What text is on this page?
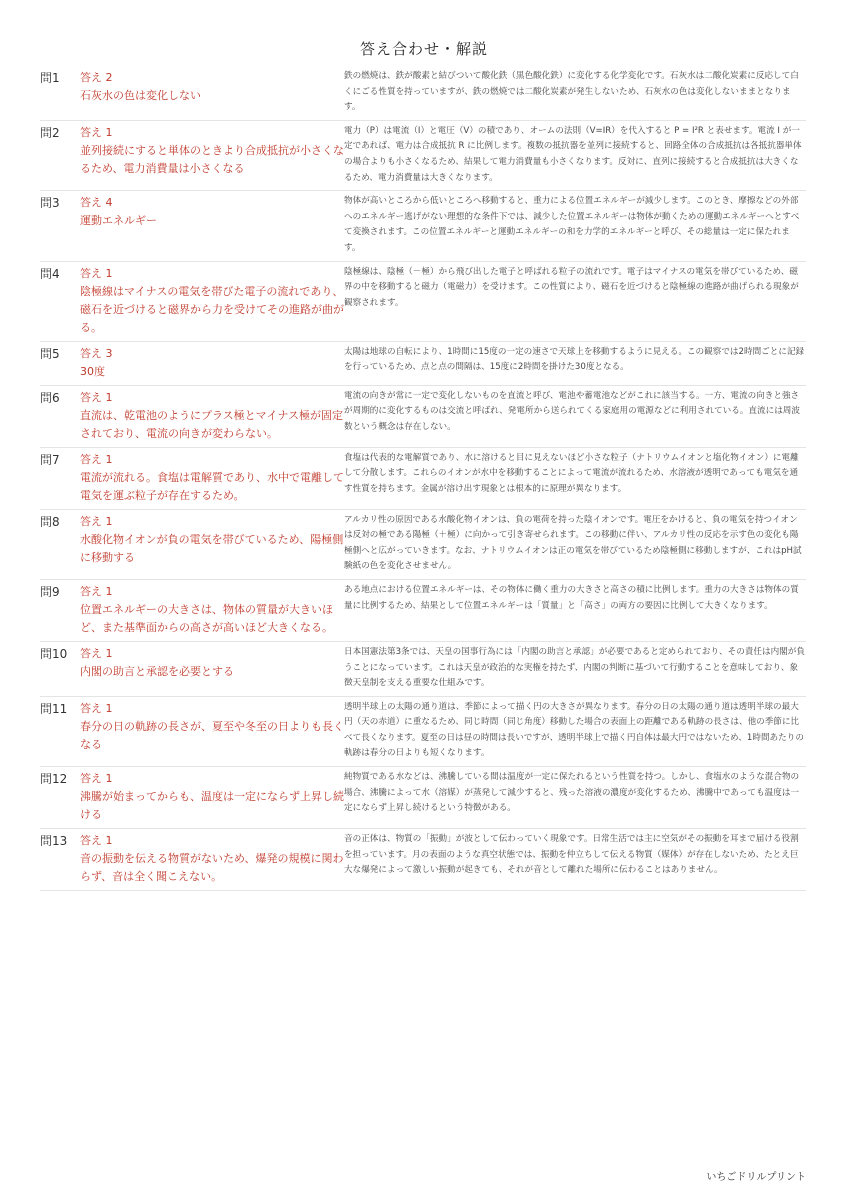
答え合わせ・解説
問1	答え 2
石灰水の色は変化しない	鉄の燃焼は、鉄が酸素と結びついて酸化鉄（黒色酸化鉄）に変化する化学変化です。石灰水は二酸化炭素に反応して白くにごる性質を持っていますが、鉄の燃焼では二酸化炭素が発生しないため、石灰水の色は変化しないままとなります。
問2	答え 1
並列接続にすると単体のときより合成抵抗が小さくなるため、電力消費量は小さくなる	電力（P）は電流（I）と電圧（V）の積であり、オームの法則（V=IR）を代入すると P = I²R と表せます。電流 I が一定であれば、電力は合成抵抗 R に比例します。複数の抵抗器を並列に接続すると、回路全体の合成抵抗は各抵抗器単体の場合よりも小さくなるため、結果して電力消費量も小さくなります。反対に、直列に接続すると合成抵抗は大きくなるため、電力消費量は大きくなります。
問3	答え 4
運動エネルギー	物体が高いところから低いところへ移動すると、重力による位置エネルギーが減少します。このとき、摩擦などの外部へのエネルギー逃げがない理想的な条件下では、減少した位置エネルギーは物体が動くための運動エネルギーへとすべて変換されます。この位置エネルギーと運動エネルギーの和を力学的エネルギーと呼び、その総量は一定に保たれます。
問4	答え 1
陰極線はマイナスの電気を帯びた電子の流れであり、磁石を近づけると磁界から力を受けてその進路が曲がる。	陰極線は、陰極（－極）から飛び出した電子と呼ばれる粒子の流れです。電子はマイナスの電気を帯びているため、磁界の中を移動すると磁力（電磁力）を受けます。この性質により、磁石を近づけると陰極線の進路が曲げられる現象が観察されます。
問5	答え 3
30度	太陽は地球の自転により、1時間に15度の一定の速さで天球上を移動するように見える。この観察では2時間ごとに記録を行っているため、点と点の間隔は、15度に2時間を掛けた30度となる。
問6	答え 1
直流は、乾電池のようにプラス極とマイナス極が固定されており、電流の向きが変わらない。	電流の向きが常に一定で変化しないものを直流と呼び、電池や蓄電池などがこれに該当する。一方、電流の向きと強さが周期的に変化するものは交流と呼ばれ、発電所から送られてくる家庭用の電源などに利用されている。直流には周波数という概念は存在しない。
問7	答え 1
電流が流れる。食塩は電解質であり、水中で電離して電気を運ぶ粒子が存在するため。	食塩は代表的な電解質であり、水に溶けると目に見えないほど小さな粒子（ナトリウムイオンと塩化物イオン）に電離して分散します。これらのイオンが水中を移動することによって電流が流れるため、水溶液が透明であっても電気を通す性質を持ちます。金属が溶け出す現象とは根本的に原理が異なります。
問8	答え 1
水酸化物イオンが負の電気を帯びているため、陽極側に移動する	アルカリ性の原因である水酸化物イオンは、負の電荷を持った陰イオンです。電圧をかけると、負の電気を持つイオンは反対の極である陽極（＋極）に向かって引き寄せられます。この移動に伴い、アルカリ性の反応を示す色の変化も陽極側へと広がっていきます。なお、ナトリウムイオンは正の電気を帯びているため陰極側に移動しますが、これはpH試験紙の色を変化させません。
問9	答え 1
位置エネルギーの大きさは、物体の質量が大きいほど、また基準面からの高さが高いほど大きくなる。	ある地点における位置エネルギーは、その物体に働く重力の大きさと高さの積に比例します。重力の大きさは物体の質量に比例するため、結果として位置エネルギーは「質量」と「高さ」の両方の要因に比例して大きくなります。
問10	答え 1
内閣の助言と承認を必要とする	日本国憲法第3条では、天皇の国事行為には「内閣の助言と承認」が必要であると定められており、その責任は内閣が負うことになっています。これは天皇が政治的な実権を持たず、内閣の判断に基づいて行動することを意味しており、象徴天皇制を支える重要な仕組みです。
問11	答え 1
春分の日の軌跡の長さが、夏至や冬至の日よりも長くなる	透明半球上の太陽の通り道は、季節によって描く円の大きさが異なります。春分の日の太陽の通り道は透明半球の最大円（天の赤道）に重なるため、同じ時間（同じ角度）移動した場合の表面上の距離である軌跡の長さは、他の季節に比べて長くなります。夏至の日は昼の時間は長いですが、透明半球上で描く円自体は最大円ではないため、1時間あたりの軌跡は春分の日よりも短くなります。
問12	答え 1
沸騰が始まってからも、温度は一定にならず上昇し続ける	純物質である水などは、沸騰している間は温度が一定に保たれるという性質を持つ。しかし、食塩水のような混合物の場合、沸騰によって水（溶媒）が蒸発して減少すると、残った溶液の濃度が変化するため、沸騰中であっても温度は一定にならず上昇し続けるという特徴がある。
問13	答え 1
音の振動を伝える物質がないため、爆発の規模に関わらず、音は全く聞こえない。	音の正体は、物質の「振動」が波として伝わっていく現象です。日常生活では主に空気がその振動を耳まで届ける役割を担っています。月の表面のような真空状態では、振動を仲立ちして伝える物質（媒体）が存在しないため、たとえ巨大な爆発によって激しい振動が起きても、それが音として離れた場所に伝わることはありません。
いちごドリルプリント
